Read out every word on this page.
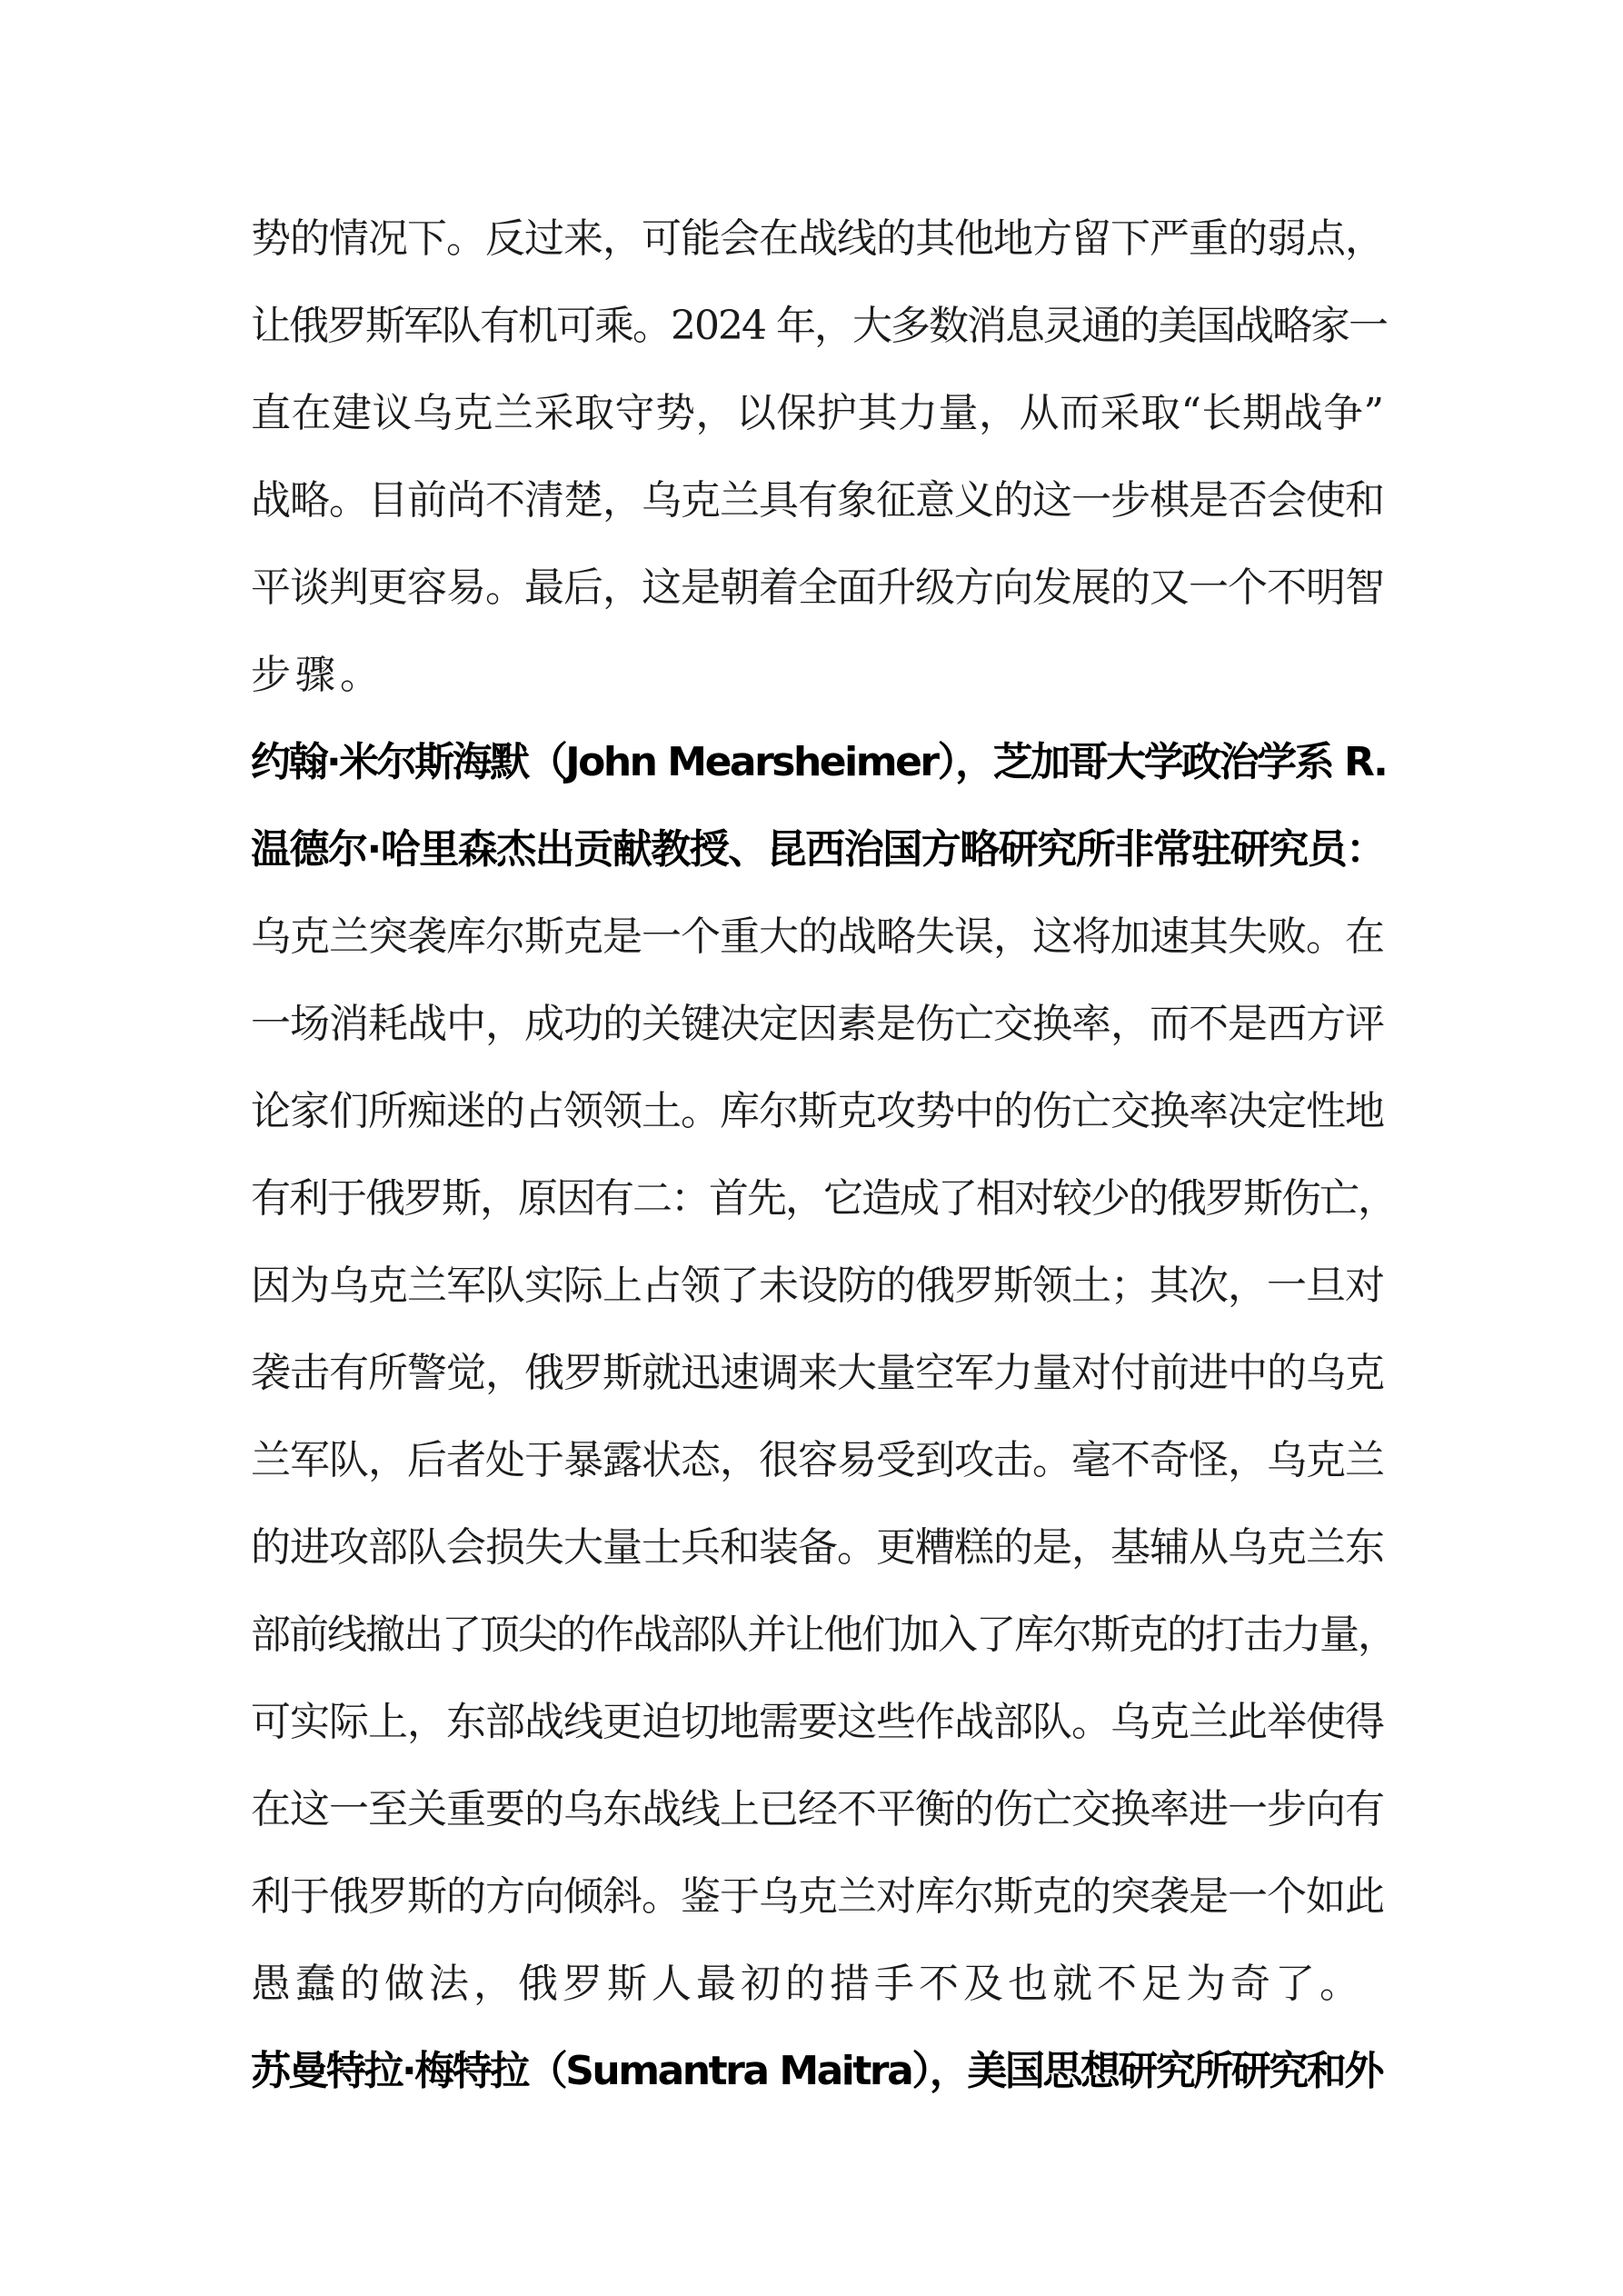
势的情况下。反过来，可能会在战线的其他地方留下严重的弱点，
让俄罗斯军队有机可乘。2024 年，大多数消息灵通的美国战略家一
直在建议乌克兰采取守势，以保护其力量，从而采取“长期战争”
战略。目前尚不清楚，乌克兰具有象征意义的这一步棋是否会使和
平谈判更容易。最后，这是朝着全面升级方向发展的又一个不明智
步骤。
约翰·米尔斯海默（John Mearsheimer），芝加哥大学政治学系 R.
温德尔·哈里森杰出贡献教授、昆西治国方略研究所非常驻研究员：
乌克兰突袭库尔斯克是一个重大的战略失误，这将加速其失败。在
一场消耗战中，成功的关键决定因素是伤亡交换率，而不是西方评
论家们所痴迷的占领领土。库尔斯克攻势中的伤亡交换率决定性地
有利于俄罗斯，原因有二：首先，它造成了相对较少的俄罗斯伤亡，
因为乌克兰军队实际上占领了未设防的俄罗斯领土；其次，一旦对
袭击有所警觉，俄罗斯就迅速调来大量空军力量对付前进中的乌克
兰军队，后者处于暴露状态，很容易受到攻击。毫不奇怪，乌克兰
的进攻部队会损失大量士兵和装备。更糟糕的是，基辅从乌克兰东
部前线撤出了顶尖的作战部队并让他们加入了库尔斯克的打击力量，
可实际上，东部战线更迫切地需要这些作战部队。乌克兰此举使得
在这一至关重要的乌东战线上已经不平衡的伤亡交换率进一步向有
利于俄罗斯的方向倾斜。鉴于乌克兰对库尔斯克的突袭是一个如此
愚蠢的做法，俄罗斯人最初的措手不及也就不足为奇了。
苏曼特拉·梅特拉（Sumantra Maitra），美国思想研究所研究和外
